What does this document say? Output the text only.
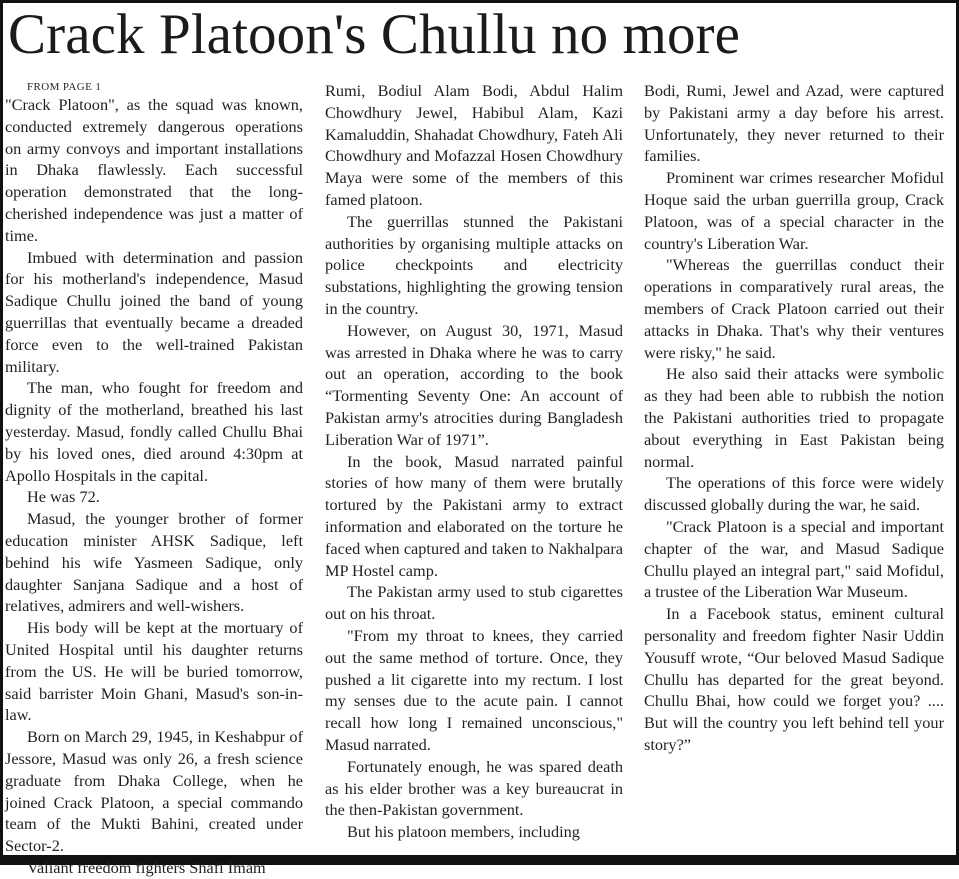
Crack Platoon's Chullu no more

FROM PAGE 1

"Crack Platoon", as the squad was known, conducted extremely dangerous operations on army convoys and important installations in Dhaka flawlessly. Each successful operation demonstrated that the long-cherished independence was just a matter of time.

Imbued with determination and passion for his motherland's independence, Masud Sadique Chullu joined the band of young guerrillas that eventually became a dreaded force even to the well-trained Pakistan military.

The man, who fought for freedom and dignity of the motherland, breathed his last yesterday. Masud, fondly called Chullu Bhai by his loved ones, died around 4:30pm at Apollo Hospitals in the capital.

He was 72.

Masud, the younger brother of former education minister AHSK Sadique, left behind his wife Yasmeen Sadique, only daughter Sanjana Sadique and a host of relatives, admirers and well-wishers.

His body will be kept at the mortuary of United Hospital until his daughter returns from the US. He will be buried tomorrow, said barrister Moin Ghani, Masud's son-in-law.

Born on March 29, 1945, in Keshabpur of Jessore, Masud was only 26, a fresh science graduate from Dhaka College, when he joined Crack Platoon, a special commando team of the Mukti Bahini, created under Sector-2.

Valiant freedom fighters Shafi Imam

Rumi, Bodiul Alam Bodi, Abdul Halim Chowdhury Jewel, Habibul Alam, Kazi Kamaluddin, Shahadat Chowdhury, Fateh Ali Chowdhury and Mofazzal Hosen Chowdhury Maya were some of the members of this famed platoon.

The guerrillas stunned the Pakistani authorities by organising multiple attacks on police checkpoints and electricity substations, highlighting the growing tension in the country.

However, on August 30, 1971, Masud was arrested in Dhaka where he was to carry out an operation, according to the book “Tormenting Seventy One: An account of Pakistan army's atrocities during Bangladesh Liberation War of 1971”.

In the book, Masud narrated painful stories of how many of them were brutally tortured by the Pakistani army to extract information and elaborated on the torture he faced when captured and taken to Nakhalpara MP Hostel camp.

The Pakistan army used to stub cigarettes out on his throat.

"From my throat to knees, they carried out the same method of torture. Once, they pushed a lit cigarette into my rectum. I lost my senses due to the acute pain. I cannot recall how long I remained unconscious," Masud narrated.

Fortunately enough, he was spared death as his elder brother was a key bureaucrat in the then-Pakistan government.

But his platoon members, including

Bodi, Rumi, Jewel and Azad, were captured by Pakistani army a day before his arrest. Unfortunately, they never returned to their families.

Prominent war crimes researcher Mofidul Hoque said the urban guerrilla group, Crack Platoon, was of a special character in the country's Liberation War.

"Whereas the guerrillas conduct their operations in comparatively rural areas, the members of Crack Platoon carried out their attacks in Dhaka. That's why their ventures were risky," he said.

He also said their attacks were symbolic as they had been able to rubbish the notion the Pakistani authorities tried to propagate about everything in East Pakistan being normal.

The operations of this force were widely discussed globally during the war, he said.

"Crack Platoon is a special and important chapter of the war, and Masud Sadique Chullu played an integral part," said Mofidul, a trustee of the Liberation War Museum.

In a Facebook status, eminent cultural personality and freedom fighter Nasir Uddin Yousuff wrote, “Our beloved Masud Sadique Chullu has departed for the great beyond. Chullu Bhai, how could we forget you? .... But will the country you left behind tell your story?”
